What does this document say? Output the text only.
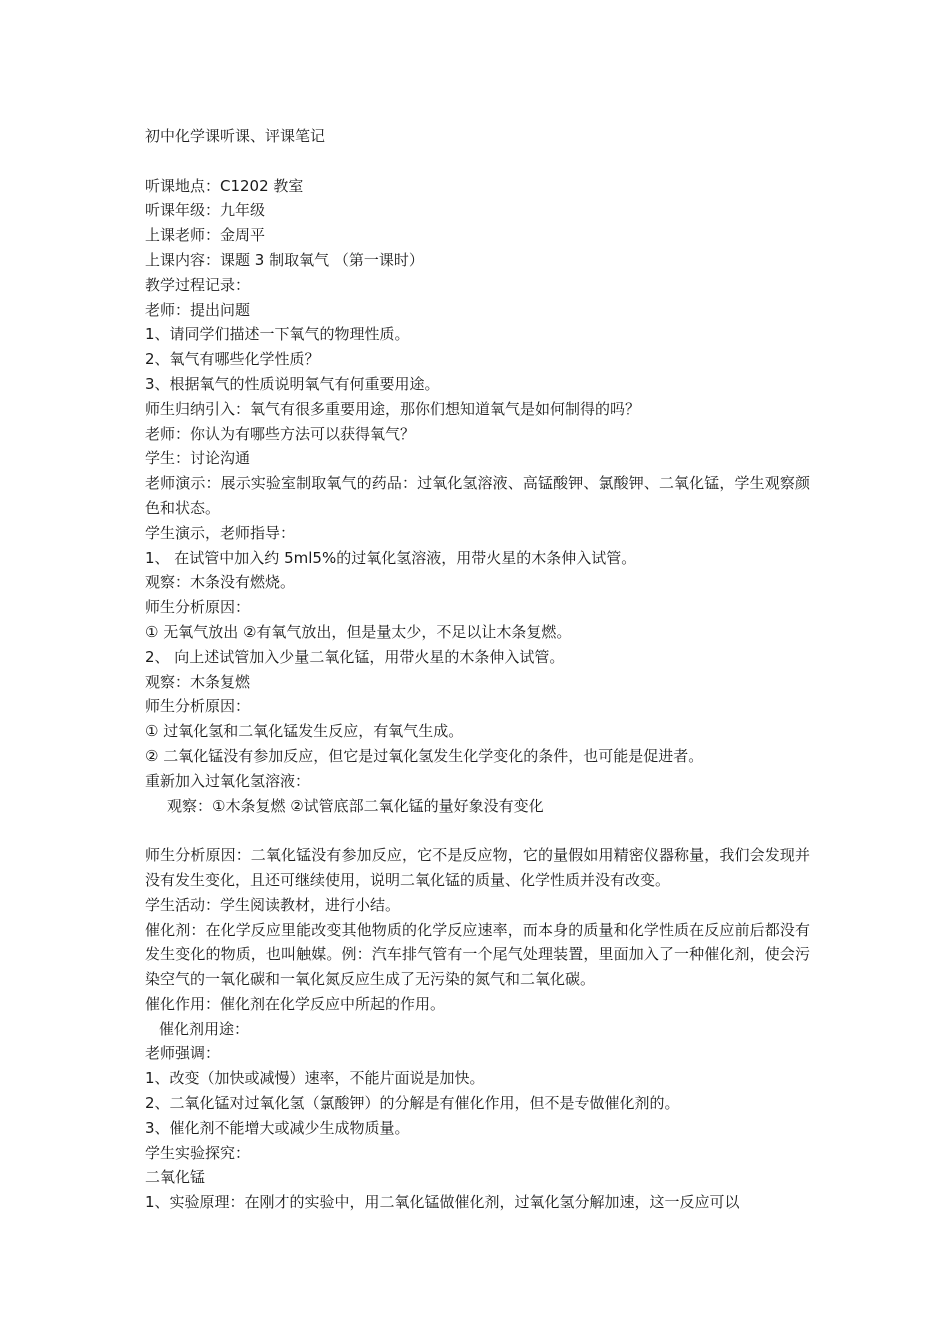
初中化学课听课、评课笔记

听课地点：C1202 教室

听课年级：九年级

上课老师：金周平

上课内容：课题 3 制取氧气 （第一课时）

教学过程记录：

老师：提出问题

1、请同学们描述一下氧气的物理性质。

2、氧气有哪些化学性质？

3、根据氧气的性质说明氧气有何重要用途。

师生归纳引入：氧气有很多重要用途，那你们想知道氧气是如何制得的吗？

老师：你认为有哪些方法可以获得氧气？

学生：讨论沟通

老师演示：展示实验室制取氧气的药品：过氧化氢溶液、高锰酸钾、氯酸钾、二氧化锰，学生观察颜色和状态。

学生演示，老师指导：

1、 在试管中加入约 5ml5%的过氧化氢溶液，用带火星的木条伸入试管。

观察：木条没有燃烧。

师生分析原因：

① 无氧气放出 ②有氧气放出，但是量太少，不足以让木条复燃。

2、 向上述试管加入少量二氧化锰，用带火星的木条伸入试管。

观察：木条复燃

师生分析原因：

① 过氧化氢和二氧化锰发生反应，有氧气生成。

② 二氧化锰没有参加反应，但它是过氧化氢发生化学变化的条件，也可能是促进者。

重新加入过氧化氢溶液：

观察：①木条复燃 ②试管底部二氧化锰的量好象没有变化

师生分析原因：二氧化锰没有参加反应，它不是反应物，它的量假如用精密仪器称量，我们会发现并没有发生变化，且还可继续使用，说明二氧化锰的质量、化学性质并没有改变。

学生活动：学生阅读教材，进行小结。

催化剂：在化学反应里能改变其他物质的化学反应速率，而本身的质量和化学性质在反应前后都没有发生变化的物质，也叫触媒。例：汽车排气管有一个尾气处理装置，里面加入了一种催化剂，使会污染空气的一氧化碳和一氧化氮反应生成了无污染的氮气和二氧化碳。

催化作用：催化剂在化学反应中所起的作用。

催化剂用途：

老师强调：

1、改变（加快或减慢）速率，不能片面说是加快。

2、二氧化锰对过氧化氢（氯酸钾）的分解是有催化作用，但不是专做催化剂的。

3、催化剂不能增大或减少生成物质量。

学生实验探究：

二氧化锰

1、实验原理：在刚才的实验中，用二氧化锰做催化剂，过氧化氢分解加速，这一反应可以
